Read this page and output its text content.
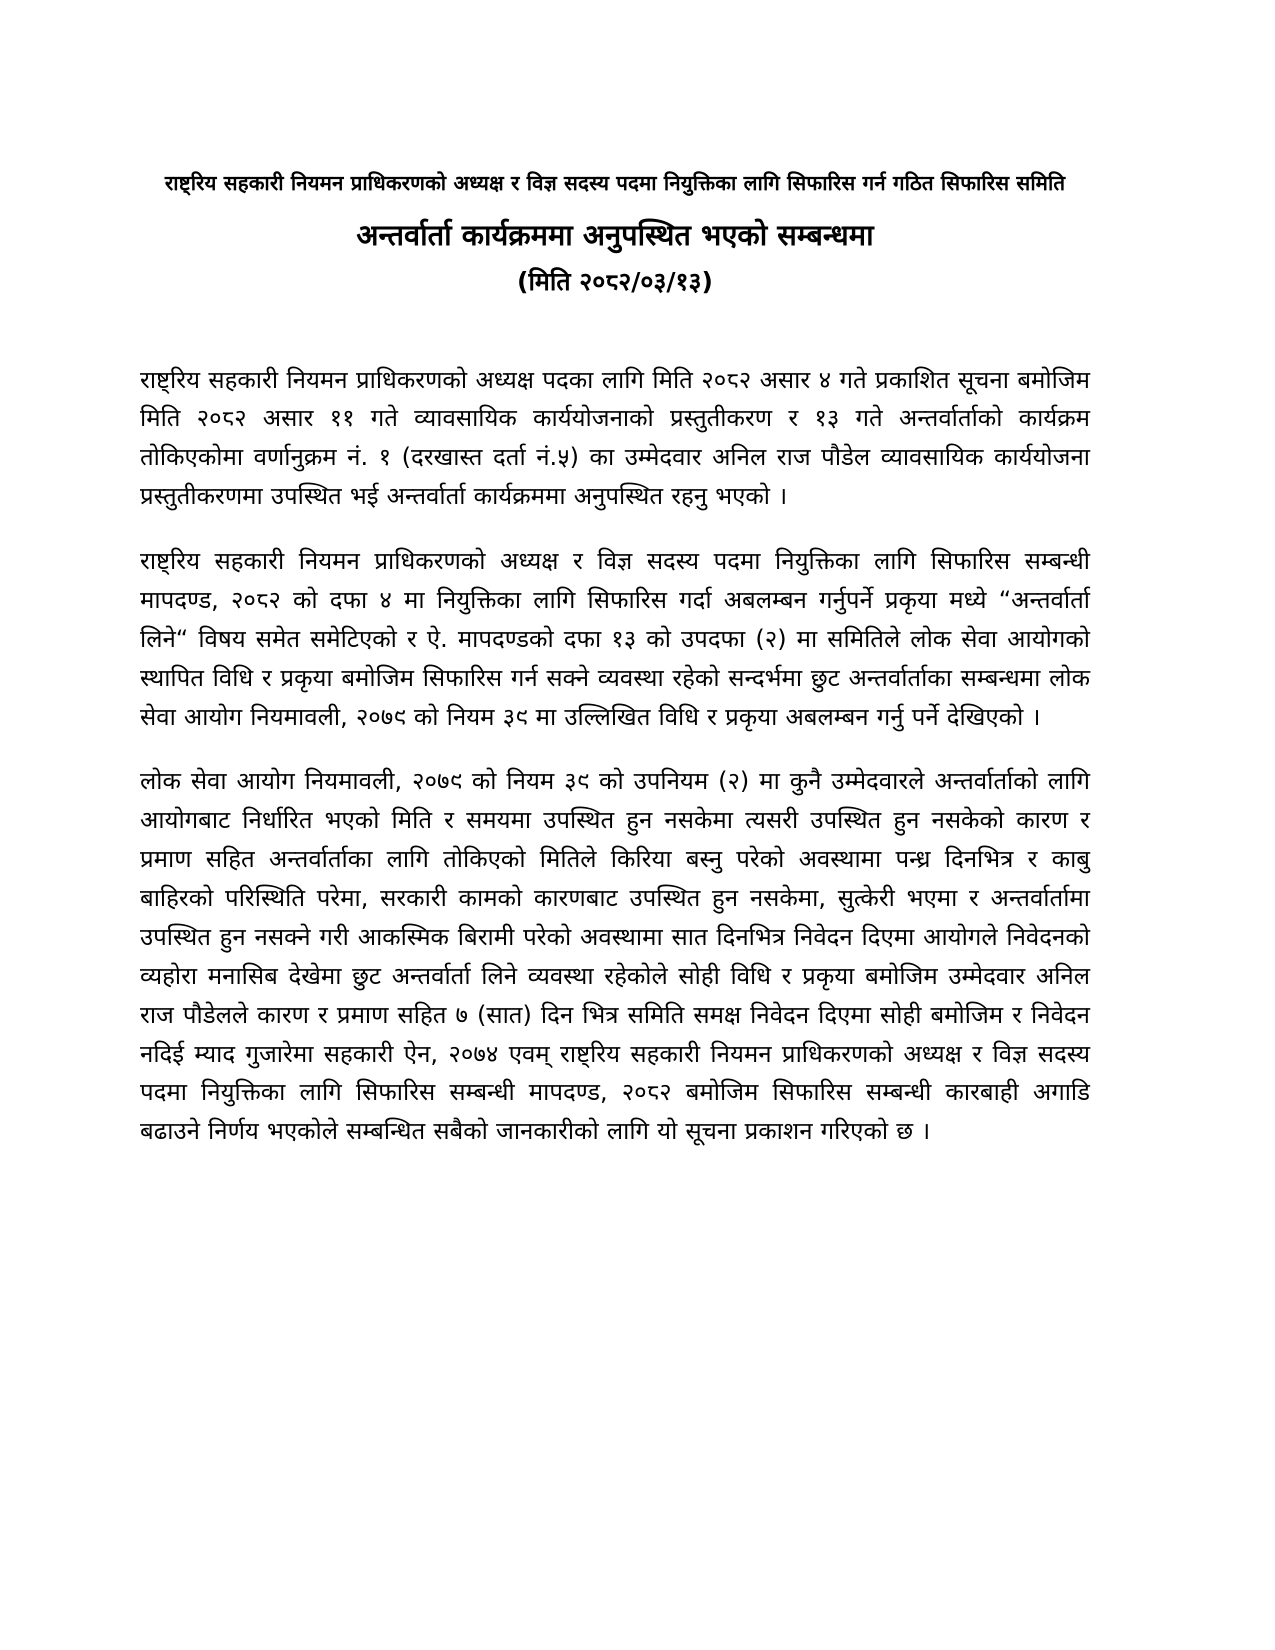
राष्ट्रिय सहकारी नियमन प्राधिकरणको अध्यक्ष र विज्ञ सदस्य पदमा नियुक्तिका लागि सिफारिस गर्न गठित सिफारिस समिति
अन्तर्वार्ता कार्यक्रममा अनुपस्थित भएको सम्बन्धमा
(मिति २०८२/०३/१३)

राष्ट्रिय सहकारी नियमन प्राधिकरणको अध्यक्ष पदका लागि मिति २०८२ असार ४ गते प्रकाशित सूचना बमोजिम मिति २०८२ असार ११ गते व्यावसायिक कार्ययोजनाको प्रस्तुतीकरण र १३ गते अन्तर्वार्ताको कार्यक्रम तोकिएकोमा वर्णानुक्रम नं. १ (दरखास्त दर्ता नं.५) का उम्मेदवार अनिल राज पौडेल व्यावसायिक कार्ययोजना प्रस्तुतीकरणमा उपस्थित भई अन्तर्वार्ता कार्यक्रममा अनुपस्थित रहनु भएको ।

राष्ट्रिय सहकारी नियमन प्राधिकरणको अध्यक्ष र विज्ञ सदस्य पदमा नियुक्तिका लागि सिफारिस सम्बन्धी मापदण्ड, २०८२ को दफा ४ मा नियुक्तिका लागि सिफारिस गर्दा अबलम्बन गर्नुपर्ने प्रकृया मध्ये “अन्तर्वार्ता लिने“ विषय समेत समेटिएको र ऐ. मापदण्डको दफा १३ को उपदफा (२) मा समितिले लोक सेवा आयोगको स्थापित विधि र प्रकृया बमोजिम सिफारिस गर्न सक्ने व्यवस्था रहेको सन्दर्भमा छुट अन्तर्वार्ताका सम्बन्धमा लोक सेवा आयोग नियमावली, २०७९ को नियम ३९ मा उल्लिखित विधि र प्रकृया अबलम्बन गर्नु पर्ने देखिएको ।

लोक सेवा आयोग नियमावली, २०७९ को नियम ३९ को उपनियम (२) मा कुनै उम्मेदवारले अन्तर्वार्ताको लागि आयोगबाट निर्धारित भएको मिति र समयमा उपस्थित हुन नसकेमा त्यसरी उपस्थित हुन नसकेको कारण र प्रमाण सहित अन्तर्वार्ताका लागि तोकिएको मितिले किरिया बस्नु परेको अवस्थामा पन्ध्र दिनभित्र र काबु बाहिरको परिस्थिति परेमा, सरकारी कामको कारणबाट उपस्थित हुन नसकेमा, सुत्केरी भएमा र अन्तर्वार्तामा उपस्थित हुन नसक्ने गरी आकस्मिक बिरामी परेको अवस्थामा सात दिनभित्र निवेदन दिएमा आयोगले निवेदनको व्यहोरा मनासिब देखेमा छुट अन्तर्वार्ता लिने व्यवस्था रहेकोले सोही विधि र प्रकृया बमोजिम उम्मेदवार अनिल राज पौडेलले कारण र प्रमाण सहित ७ (सात) दिन भित्र समिति समक्ष निवेदन दिएमा सोही बमोजिम र निवेदन नदिई म्याद गुजारेमा सहकारी ऐन, २०७४ एवम् राष्ट्रिय सहकारी नियमन प्राधिकरणको अध्यक्ष र विज्ञ सदस्य पदमा नियुक्तिका लागि सिफारिस सम्बन्धी मापदण्ड, २०८२ बमोजिम सिफारिस सम्बन्धी कारबाही अगाडि बढाउने निर्णय भएकोले सम्बन्धित सबैको जानकारीको लागि यो सूचना प्रकाशन गरिएको छ ।
